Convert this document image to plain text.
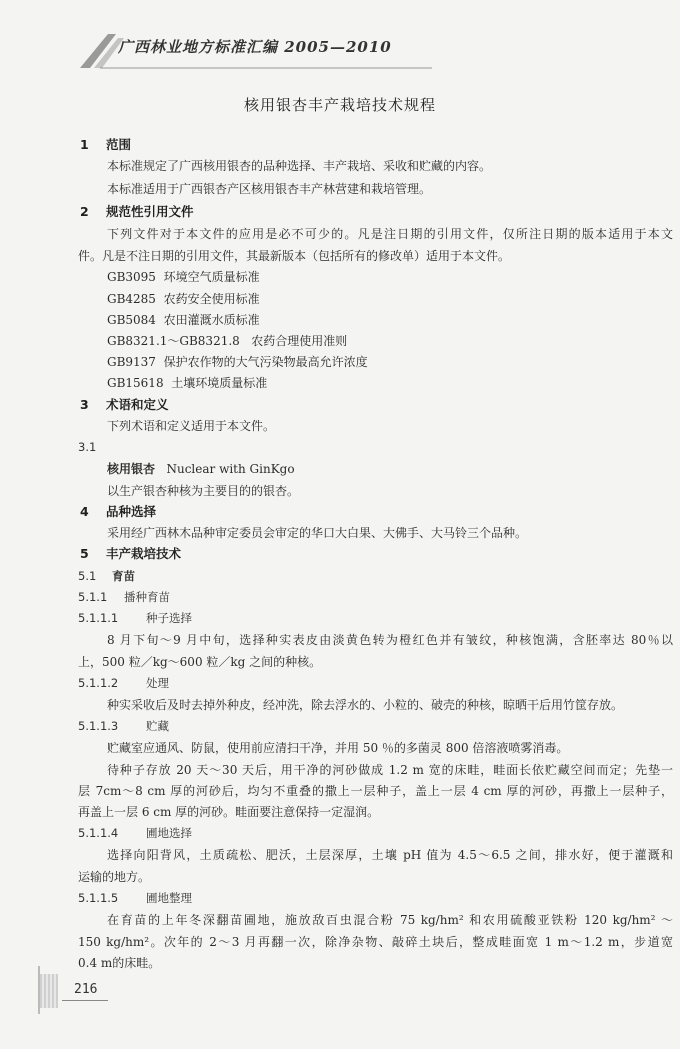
广西林业地方标准汇编 2005—2010
核用银杏丰产栽培技术规程
1 范围
本标准规定了广西核用银杏的品种选择、丰产栽培、采收和贮藏的内容。
本标准适用于广西银杏产区核用银杏丰产林营建和栽培管理。
2 规范性引用文件
下列文件对于本文件的应用是必不可少的。凡是注日期的引用文件，仅所注日期的版本适用于本文
件。凡是不注日期的引用文件，其最新版本（包括所有的修改单）适用于本文件。
GB3095 环境空气质量标准
GB4285 农药安全使用标准
GB5084 农田灌溉水质标准
GB8321.1～GB8321.8 农药合理使用准则
GB9137 保护农作物的大气污染物最高允许浓度
GB15618 土壤环境质量标准
3 术语和定义
下列术语和定义适用于本文件。
3.1
核用银杏 Nuclear with GinKgo
以生产银杏种核为主要目的的银杏。
4 品种选择
采用经广西林木品种审定委员会审定的华口大白果、大佛手、大马铃三个品种。
5 丰产栽培技术
5.1 育苗
5.1.1 播种育苗
5.1.1.1 种子选择
8 月下旬～9 月中旬，选择种实表皮由淡黄色转为橙红色并有皱纹，种核饱满，含胚率达 80％以
上，500 粒／kg～600 粒／kg 之间的种核。
5.1.1.2 处理
种实采收后及时去掉外种皮，经冲洗，除去浮水的、小粒的、破壳的种核，晾晒干后用竹筐存放。
5.1.1.3 贮藏
贮藏室应通风、防鼠，使用前应清扫干净，并用 50 ％的多菌灵 800 倍溶液喷雾消毒。
待种子存放 20 天～30 天后，用干净的河砂做成 1.2 m 宽的床畦，畦面长依贮藏空间而定；先垫一
层 7cm～8 cm 厚的河砂后，均匀不重叠的撒上一层种子，盖上一层 4 cm 厚的河砂，再撒上一层种子，
再盖上一层 6 cm 厚的河砂。畦面要注意保持一定湿润。
5.1.1.4 圃地选择
选择向阳背风，土质疏松、肥沃，土层深厚，土壤 pH 值为 4.5～6.5 之间，排水好，便于灌溉和
运输的地方。
5.1.1.5 圃地整理
在育苗的上年冬深翻苗圃地，施放敌百虫混合粉 75 kg/hm² 和农用硫酸亚铁粉 120 kg/hm² ～
150 kg/hm²。次年的 2～3 月再翻一次，除净杂物、敲碎土块后，整成畦面宽 1 m～1.2 m，步道宽
0.4 m的床畦。
216
